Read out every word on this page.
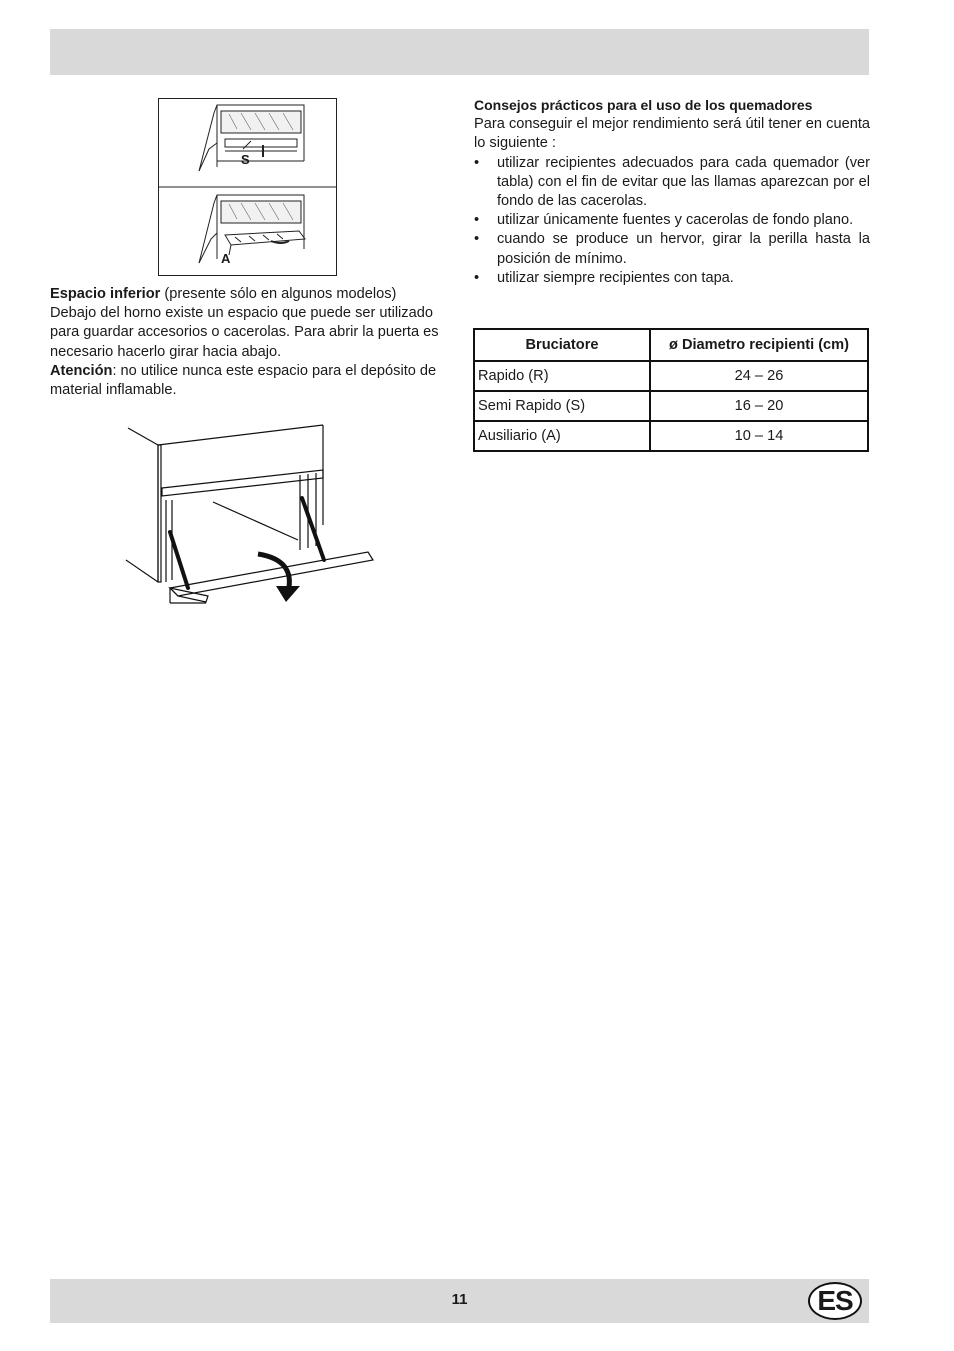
S
A

Espacio inferior (presente sólo en algunos modelos)

Debajo del horno existe un espacio que puede ser utilizado para guardar accesorios o cacerolas. Para abrir la puerta es necesario hacerlo girar hacia abajo.

Atención: no utilice nunca este espacio para el depósito de material inflamable.

Consejos prácticos para el uso de los quemadores
Para conseguir el mejor rendimiento será útil tener en cuenta lo siguiente :
• utilizar recipientes adecuados para cada quemador (ver tabla) con el fin de evitar que las llamas aparezcan por el fondo de las cacerolas.
• utilizar únicamente fuentes y cacerolas de fondo plano.
• cuando se produce un hervor, girar la perilla hasta la posición de mínimo.
• utilizar siempre recipientes con tapa.
Bruciatore	ø Diametro recipienti (cm)
Rapido (R)	24 – 26
Semi Rapido (S)	16 – 20
Ausiliario (A)	10 – 14
11	ES
